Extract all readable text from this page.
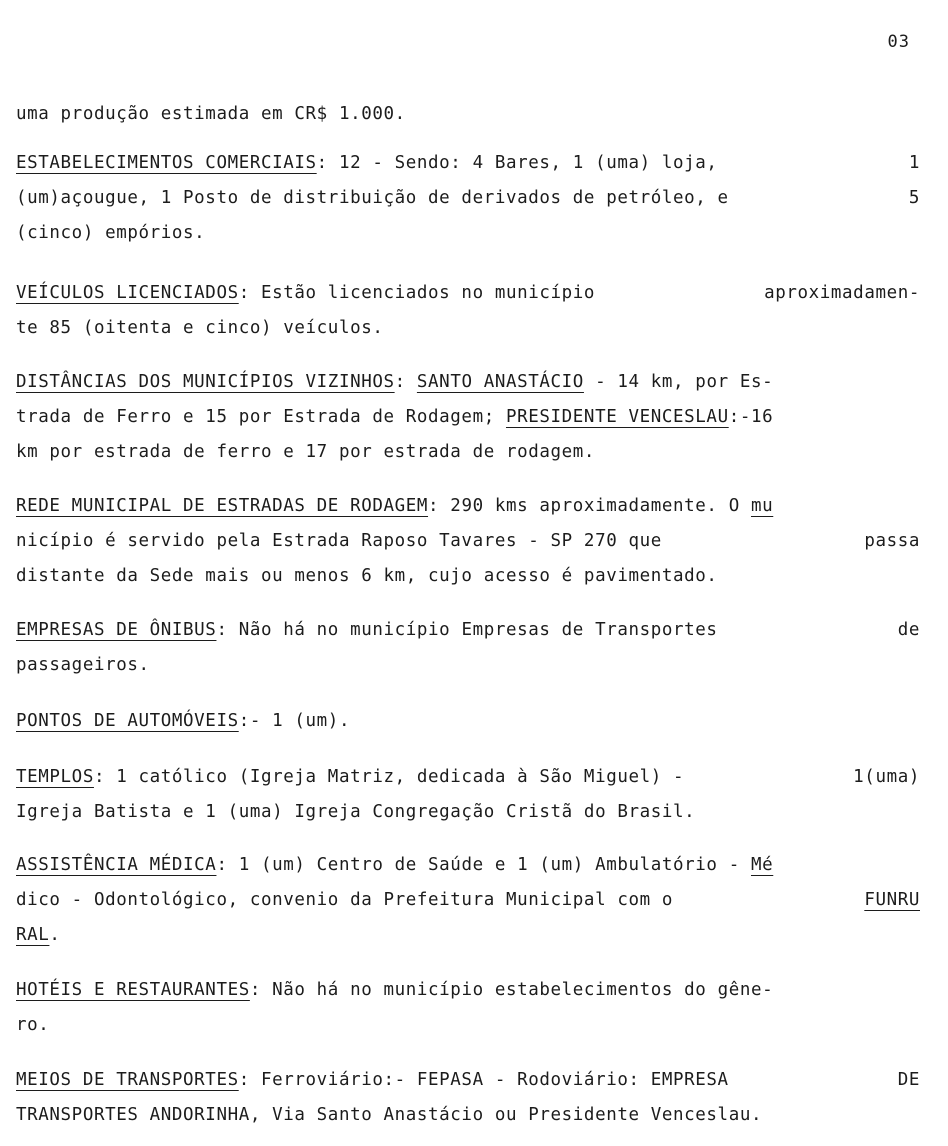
03
uma produção estimada em CR$ 1.000.
ESTABELECIMENTOS COMERCIAIS: 12 - Sendo: 4 Bares, 1 (uma) loja,	1
(um)açougue, 1 Posto de distribuição de derivados de petróleo, e	5
(cinco) empórios.
VEÍCULOS LICENCIADOS: Estão licenciados no município	aproximadamen-
te 85 (oitenta e cinco) veículos.
DISTÂNCIAS DOS MUNICÍPIOS VIZINHOS: SANTO ANASTÁCIO - 14 km, por Es-
trada de Ferro e 15 por Estrada de Rodagem; PRESIDENTE VENCESLAU:-16
km por estrada de ferro e 17 por estrada de rodagem.
REDE MUNICIPAL DE ESTRADAS DE RODAGEM: 290 kms aproximadamente. O mu
nicípio é servido pela Estrada Raposo Tavares - SP 270 que	passa
distante da Sede mais ou menos 6 km, cujo acesso é pavimentado.
EMPRESAS DE ÔNIBUS: Não há no município Empresas de Transportes	de
passageiros.
PONTOS DE AUTOMÓVEIS:- 1 (um).
TEMPLOS: 1 católico (Igreja Matriz, dedicada à São Miguel) -	1(uma)
Igreja Batista e 1 (uma) Igreja Congregação Cristã do Brasil.
ASSISTÊNCIA MÉDICA: 1 (um) Centro de Saúde e 1 (um) Ambulatório - Mé
dico - Odontológico, convenio da Prefeitura Municipal com o	FUNRU
RAL.
HOTÉIS E RESTAURANTES: Não há no município estabelecimentos do gêne-
ro.
MEIOS DE TRANSPORTES: Ferroviário:- FEPASA - Rodoviário: EMPRESA	DE
TRANSPORTES ANDORINHA, Via Santo Anastácio ou Presidente Venceslau.
